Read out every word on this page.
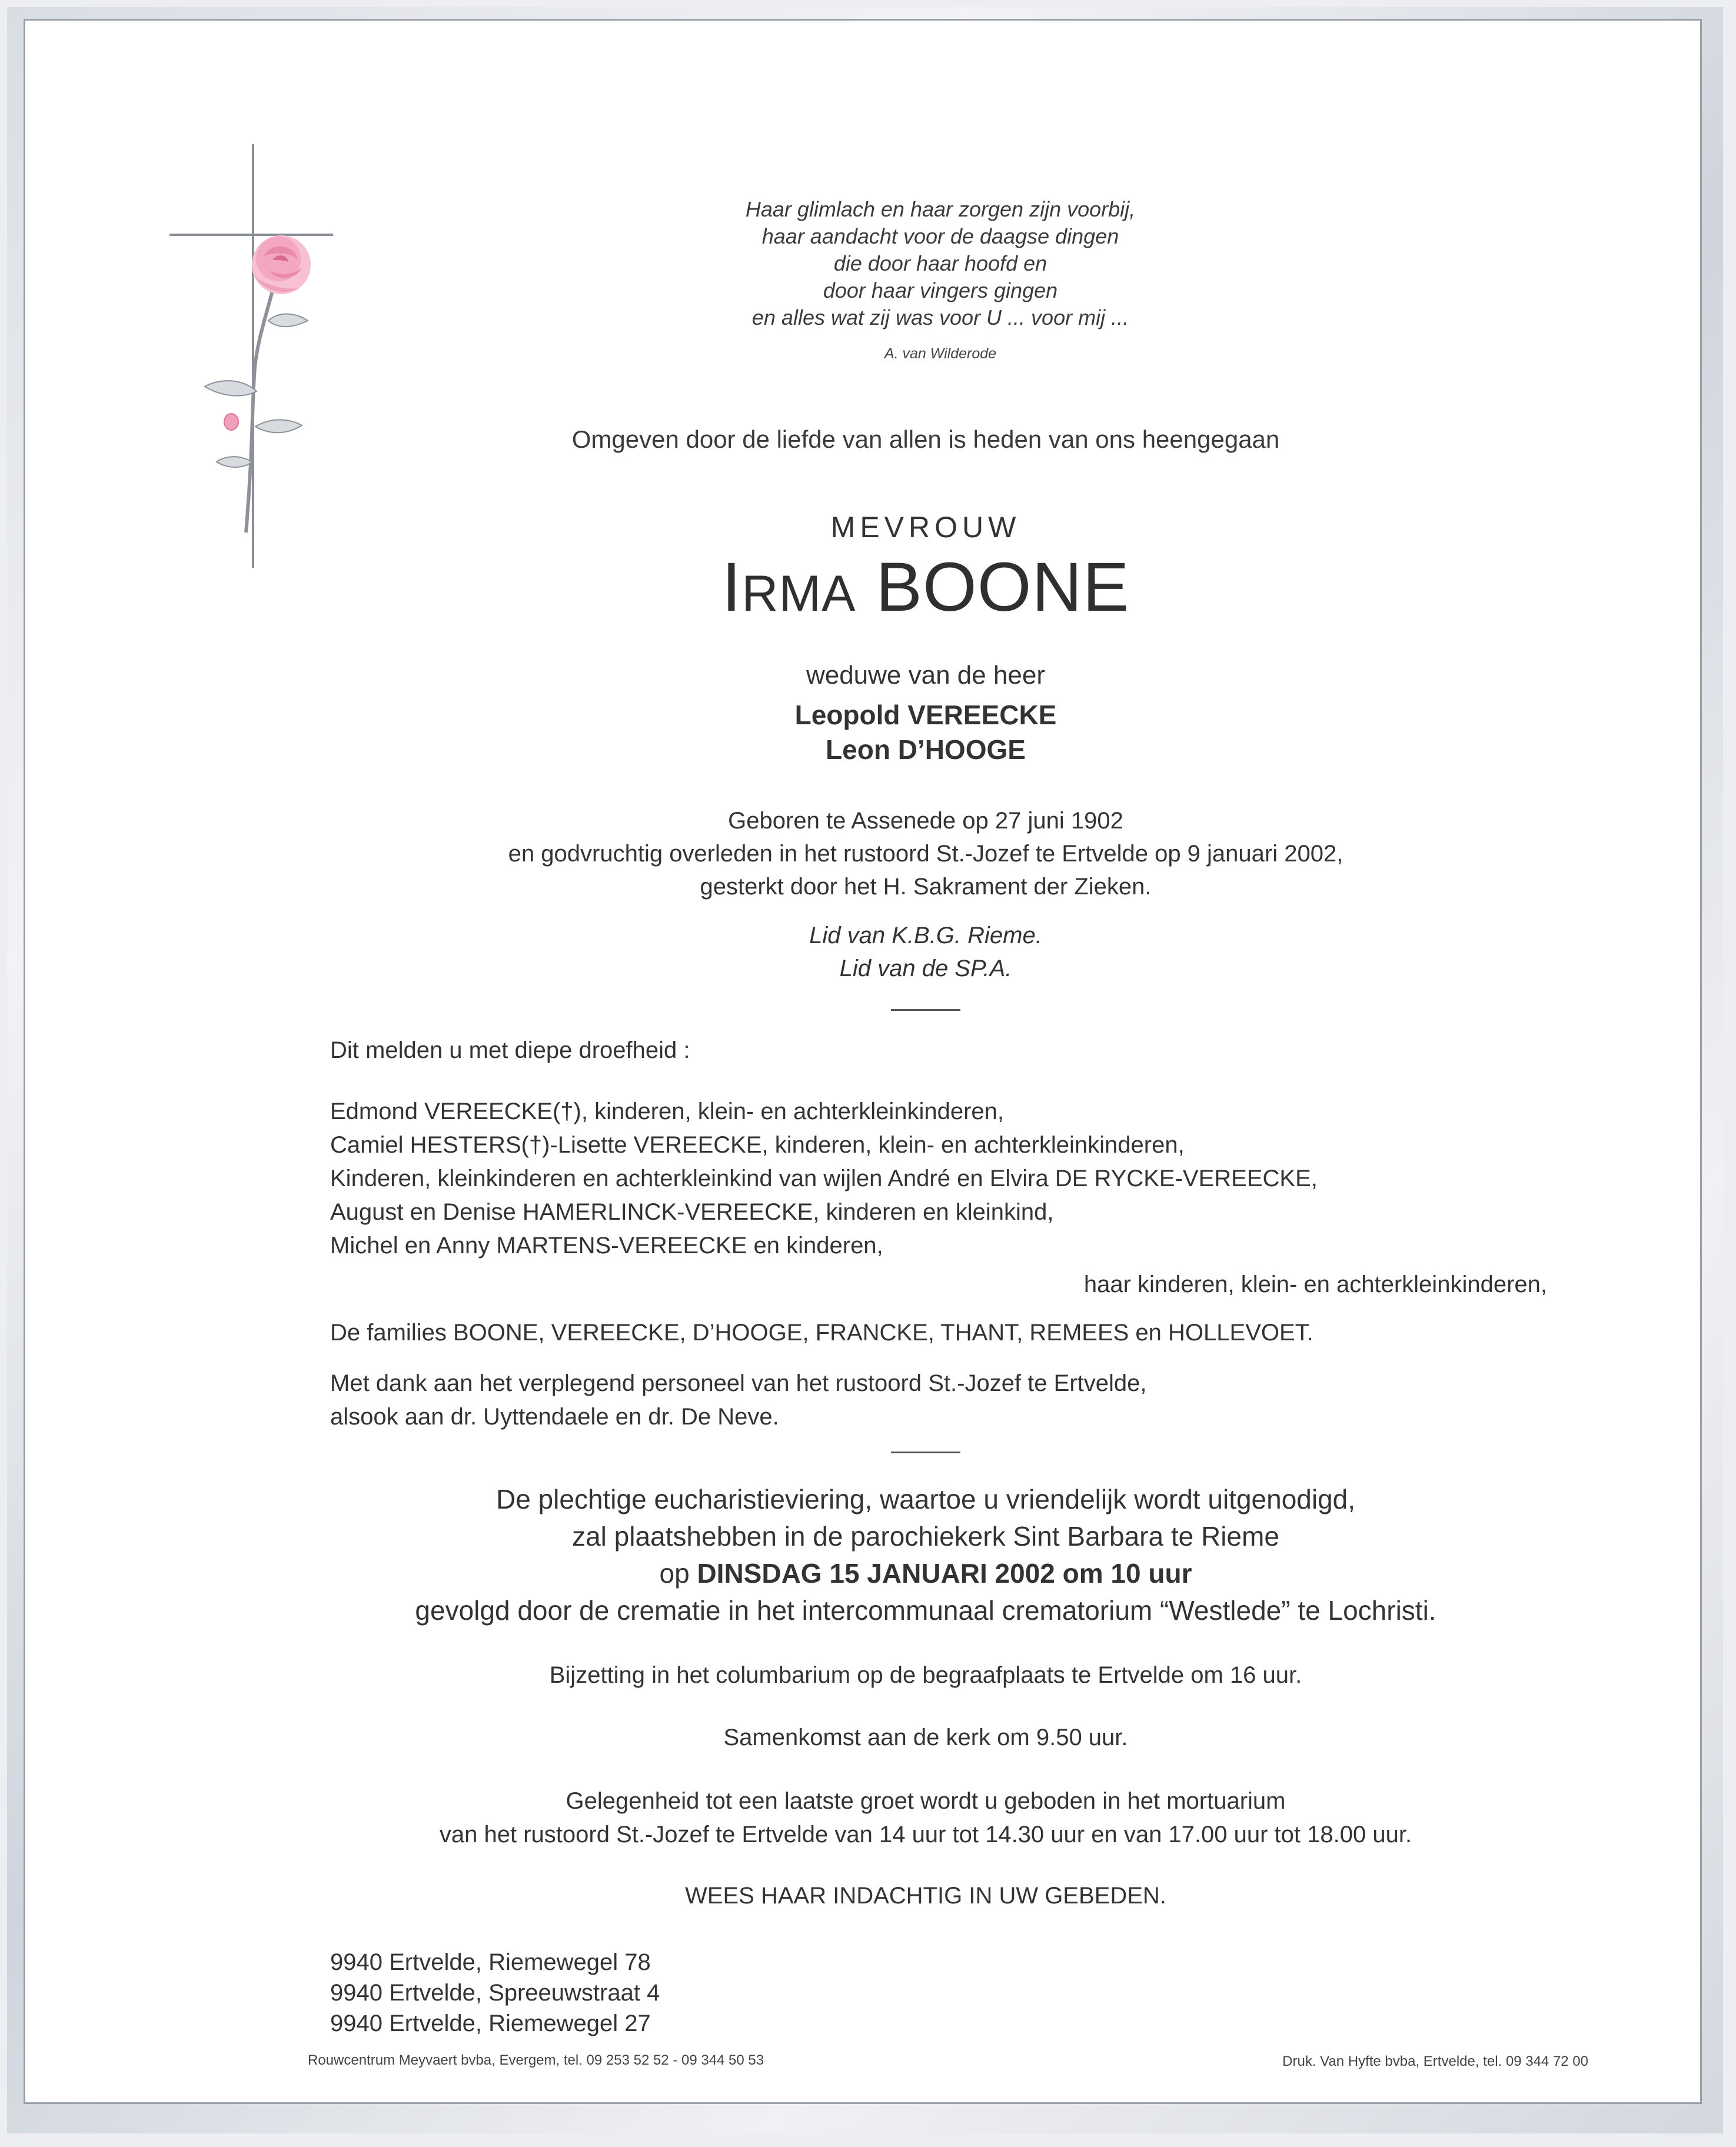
Haar glimlach en haar zorgen zijn voorbij,
haar aandacht voor de daagse dingen
die door haar hoofd en
door haar vingers gingen
en alles wat zij was voor U ... voor mij ...

A. van Wilderode

Omgeven door de liefde van allen is heden van ons heengegaan

MEVROUW

IRMA BOONE

weduwe van de heer

Leopold VEREECKE

Leon D’HOOGE

Geboren te Assenede op 27 juni 1902

en godvruchtig overleden in het rustoord St.-Jozef te Ertvelde op 9 januari 2002,

gesterkt door het H. Sakrament der Zieken.

Lid van K.B.G. Rieme.

Lid van de SP.A.

Dit melden u met diepe droefheid :

Edmond VEREECKE(†), kinderen, klein- en achterkleinkinderen,

Camiel HESTERS(†)-Lisette VEREECKE, kinderen, klein- en achterkleinkinderen,

Kinderen, kleinkinderen en achterkleinkind van wijlen André en Elvira DE RYCKE-VEREECKE,

August en Denise HAMERLINCK-VEREECKE, kinderen en kleinkind,

Michel en Anny MARTENS-VEREECKE en kinderen,

haar kinderen, klein- en achterkleinkinderen,

De families BOONE, VEREECKE, D’HOOGE, FRANCKE, THANT, REMEES en HOLLEVOET.

Met dank aan het verplegend personeel van het rustoord St.-Jozef te Ertvelde,

alsook aan dr. Uyttendaele en dr. De Neve.

De plechtige eucharistieviering, waartoe u vriendelijk wordt uitgenodigd,

zal plaatshebben in de parochiekerk Sint Barbara te Rieme

op DINSDAG 15 JANUARI 2002 om 10 uur

gevolgd door de crematie in het intercommunaal crematorium “Westlede” te Lochristi.

Bijzetting in het columbarium op de begraafplaats te Ertvelde om 16 uur.

Samenkomst aan de kerk om 9.50 uur.

Gelegenheid tot een laatste groet wordt u geboden in het mortuarium

van het rustoord St.-Jozef te Ertvelde van 14 uur tot 14.30 uur en van 17.00 uur tot 18.00 uur.

WEES HAAR INDACHTIG IN UW GEBEDEN.

9940 Ertvelde, Riemewegel 78

9940 Ertvelde, Spreeuwstraat 4

9940 Ertvelde, Riemewegel 27

Rouwcentrum Meyvaert bvba, Evergem, tel. 09 253 52 52 - 09 344 50 53	Druk. Van Hyfte bvba, Ertvelde, tel. 09 344 72 00
